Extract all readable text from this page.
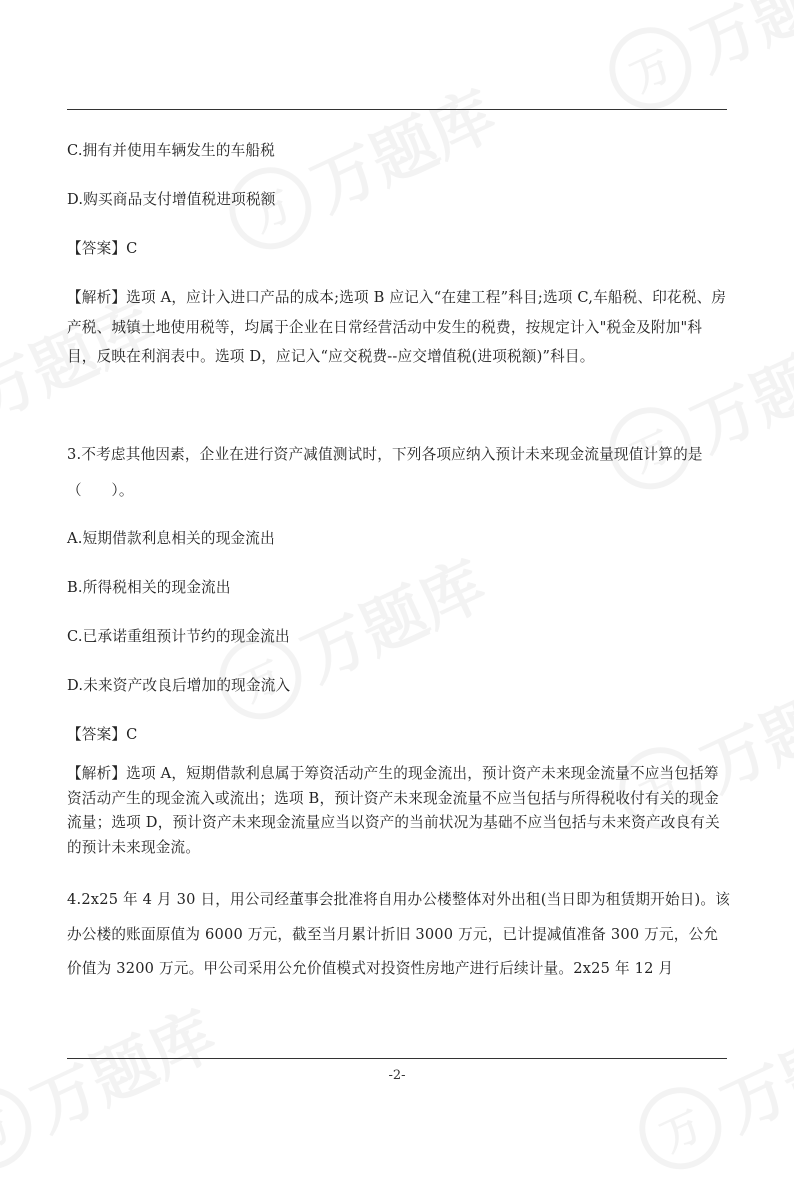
C.拥有并使用车辆发生的车船税

D.购买商品支付增值税进项税额

【答案】C

【解析】选项 A，应计入进口产品的成本;选项 B 应记入“在建工程”科目;选项 C,车船税、印花税、房产税、城镇土地使用税等，均属于企业在日常经营活动中发生的税费，按规定计入"税金及附加"科目，反映在利润表中。选项 D，应记入“应交税费--应交增值税(进项税额)”科目。

3.不考虑其他因素，企业在进行资产减值测试时，下列各项应纳入预计未来现金流量现值计算的是（　　）。

A.短期借款利息相关的现金流出

B.所得税相关的现金流出

C.已承诺重组预计节约的现金流出

D.未来资产改良后增加的现金流入

【答案】C

【解析】选项 A，短期借款利息属于筹资活动产生的现金流出，预计资产未来现金流量不应当包括筹资活动产生的现金流入或流出；选项 B，预计资产未来现金流量不应当包括与所得税收付有关的现金流量；选项 D，预计资产未来现金流量应当以资产的当前状况为基础不应当包括与未来资产改良有关的预计未来现金流。

4.2x25 年 4 月 30 日，用公司经董事会批准将自用办公楼整体对外出租(当日即为租赁期开始日)。该办公楼的账面原值为 6000 万元，截至当月累计折旧 3000 万元，已计提减值准备 300 万元，公允价值为 3200 万元。甲公司采用公允价值模式对投资性房地产进行后续计量。2x25 年 12 月

-2-
